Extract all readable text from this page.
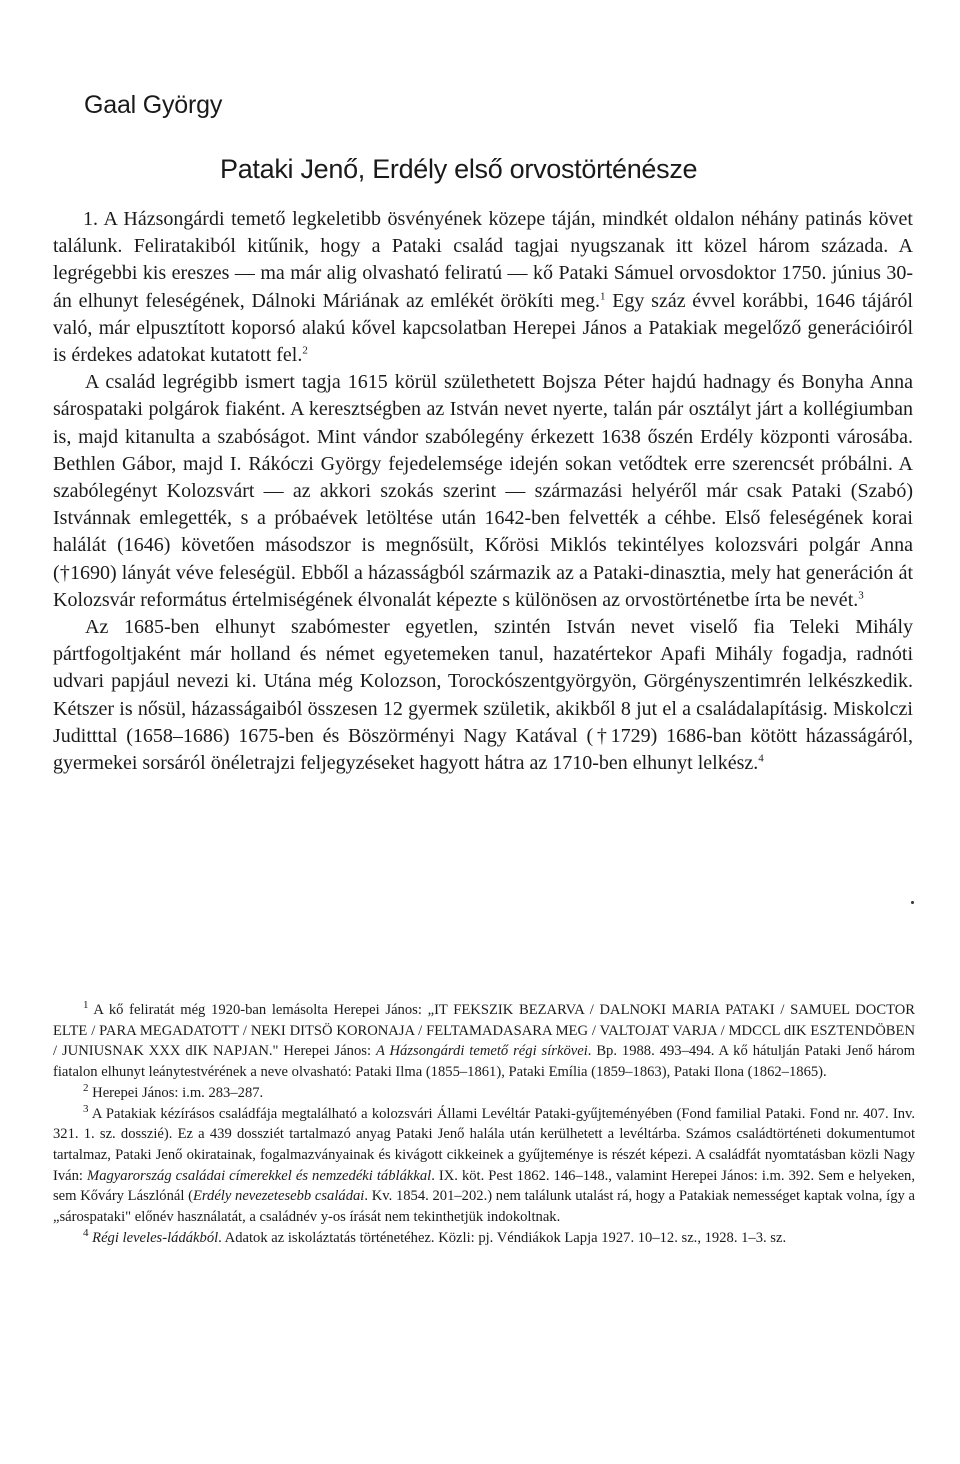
Gaal György
Pataki Jenő, Erdély első orvostörténésze

1. A Házsongárdi temető legkeletibb ösvényének közepe táján, mindkét oldalon néhány patinás követ találunk. Feliratakiból kitűnik, hogy a Pataki család tagjai nyugszanak itt közel három százada. A legrégebbi kis ereszes — ma már alig olvasható feliratú — kő Pataki Sámuel orvosdoktor 1750. június 30-án elhunyt feleségének, Dálnoki Máriának az emlékét örökíti meg.$^1$ Egy száz évvel korábbi, 1646 tájáról való, már elpusztított koporsó alakú kővel kapcsolatban Herepei János a Patakiak megelőző generációiról is érdekes adatokat kutatott fel.$^2$

A család legrégibb ismert tagja 1615 körül születhetett Bojsza Péter hajdú hadnagy és Bonyha Anna sárospataki polgárok fiaként. A keresztségben az István nevet nyerte, talán pár osztályt járt a kollégiumban is, majd kitanulta a szabóságot. Mint vándor szabólegény érkezett 1638 őszén Erdély központi városába. Bethlen Gábor, majd I. Rákóczi György fejedelemsége idején sokan vetődtek erre szerencsét próbálni. A szabólegényt Kolozsvárt — az akkori szokás szerint — származási helyéről már csak Pataki (Szabó) Istvánnak emlegették, s a próbaévek letöltése után 1642-ben felvették a céhbe. Első feleségének korai halálát (1646) követően másodszor is megnősült, Kőrösi Miklós tekintélyes kolozsvári polgár Anna (†1690) lányát véve feleségül. Ebből a házasságból származik az a Pataki-dinasztia, mely hat generáción át Kolozsvár református értelmiségének élvonalát képezte s különösen az orvostörténetbe írta be nevét.$^3$

Az 1685-ben elhunyt szabómester egyetlen, szintén István nevet viselő fia Teleki Mihály pártfogoltjaként már holland és német egyetemeken tanul, hazatértekor Apafi Mihály fogadja, radnóti udvari papjául nevezi ki. Utána még Kolozson, Torockószentgyörgyön, Görgényszentimrén lelkészkedik. Kétszer is nősül, házasságaiból összesen 12 gyermek születik, akikből 8 jut el a családalapításig. Miskolczi Juditttal (1658–1686) 1675-ben és Böszörményi Nagy Katával (†1729) 1686-ban kötött házasságáról, gyermekei sorsáról önéletrajzi feljegyzéseket hagyott hátra az 1710-ben elhunyt lelkész.$^4$

$^1$ A kő feliratát még 1920-ban lemásolta Herepei János: „IT FEKSZIK BEZARVA / DALNOKI MARIA PATAKI / SAMUEL DOCTOR ELTE / PARA MEGADATOTT / NEKI DITSÖ KORONAJA / FELTAMADASARA MEG / VALTOJAT VARJA / MDCCL dIK ESZTENDÖBEN / JUNIUSNAK XXX dIK NAPJAN." Herepei János: A Házsongárdi temető régi sírkövei. Bp. 1988. 493–494. A kő hátulján Pataki Jenő három fiatalon elhunyt leánytestvérének a neve olvasható: Pataki Ilma (1855–1861), Pataki Emília (1859–1863), Pataki Ilona (1862–1865).

$^2$ Herepei János: i.m. 283–287.

$^3$ A Patakiak kézírásos családfája megtalálható a kolozsvári Állami Levéltár Pataki-gyűjteményében (Fond familial Pataki. Fond nr. 407. Inv. 321. 1. sz. dosszié). Ez a 439 dossziét tartalmazó anyag Pataki Jenő halála után kerülhetett a levéltárba. Számos családtörténeti dokumentumot tartalmaz, Pataki Jenő okiratainak, fogalmazványainak és kivágott cikkeinek a gyűjteménye is részét képezi. A családfát nyomtatásban közli Nagy Iván: Magyarország családai címerekkel és nemzedéki táblákkal. IX. köt. Pest 1862. 146–148., valamint Herepei János: i.m. 392. Sem e helyeken, sem Kőváry Lászlónál (Erdély nevezetesebb családai. Kv. 1854. 201–202.) nem találunk utalást rá, hogy a Patakiak nemességet kaptak volna, így a „sárospataki" előnév használatát, a családnév y-os írását nem tekinthetjük indokoltnak.

$^4$ Régi leveles-ládákból. Adatok az iskoláztatás történetéhez. Közli: pj. Véndiákok Lapja 1927. 10–12. sz., 1928. 1–3. sz.
